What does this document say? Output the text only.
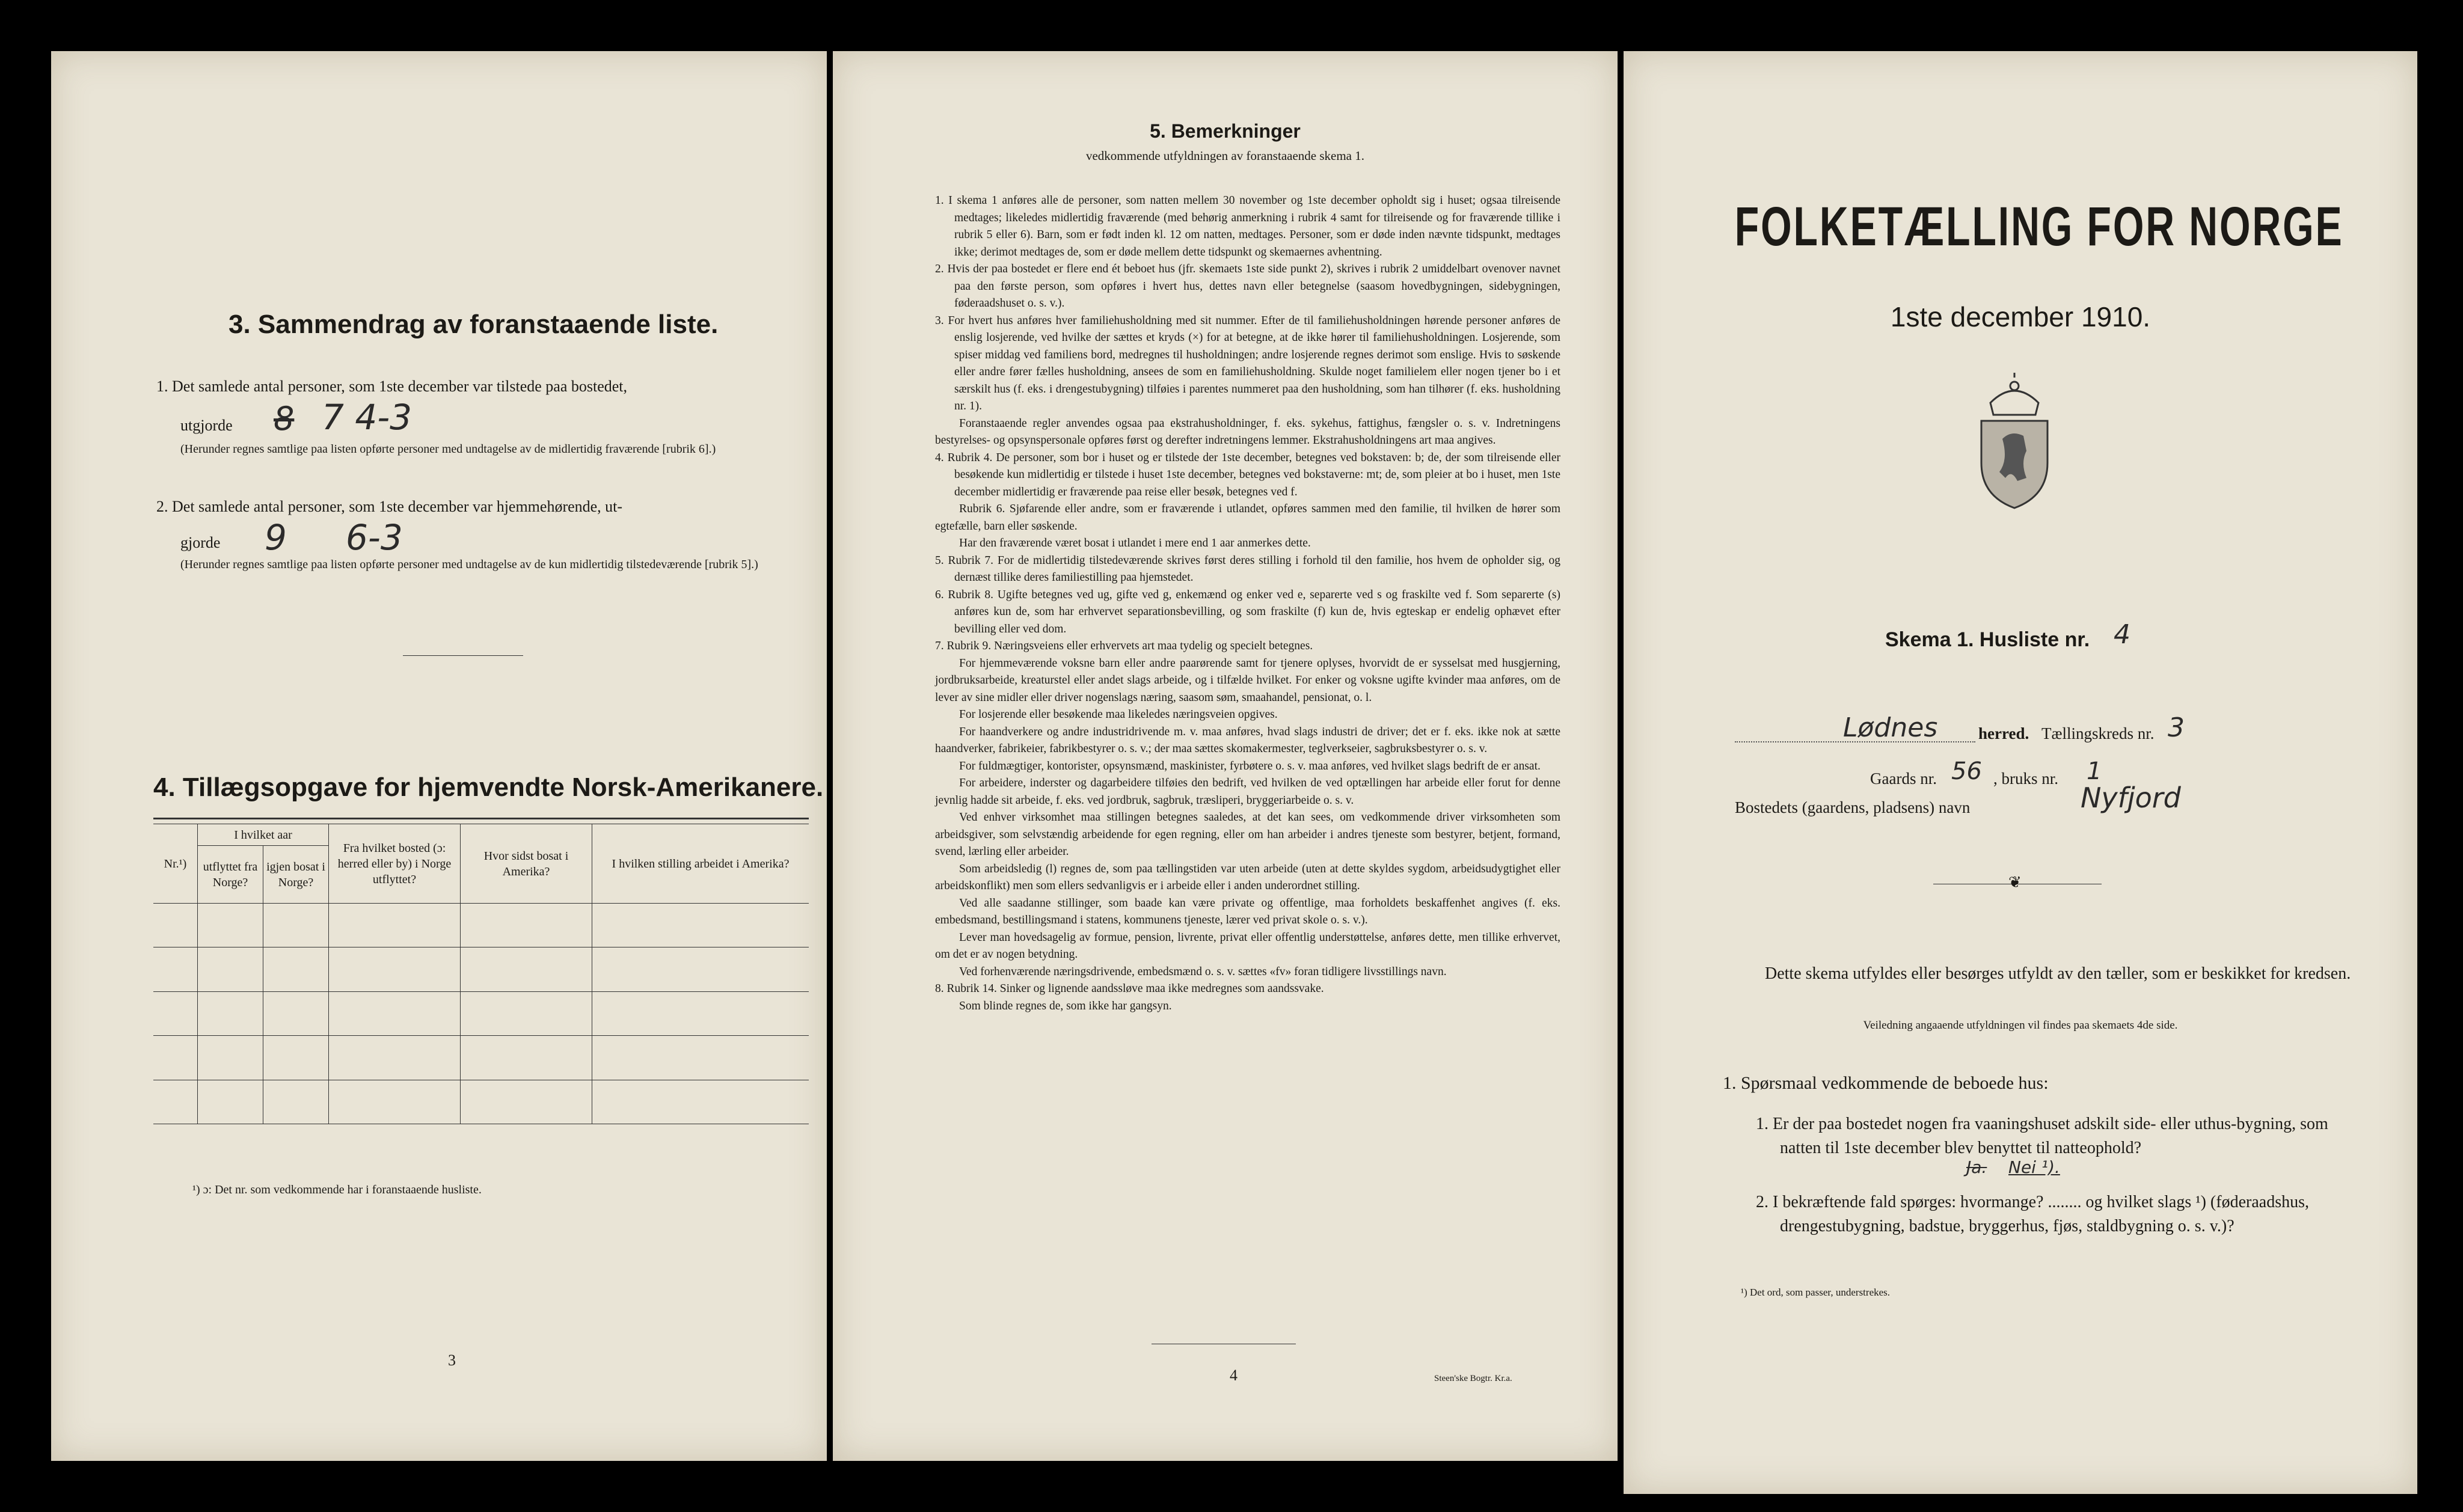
3. Sammendrag av foranstaaende liste.
1. Det samlede antal personer, som 1ste december var tilstede paa bostedet,
utgjorde 8 7 4-3
(Herunder regnes samtlige paa listen opførte personer med undtagelse av de midlertidig fraværende [rubrik 6].)
2. Det samlede antal personer, som 1ste december var hjemmehørende, ut-
gjorde 9 6-3
(Herunder regnes samtlige paa listen opførte personer med undtagelse av de kun midlertidig tilstedeværende [rubrik 5].)
4. Tillægsopgave for hjemvendte Norsk-Amerikanere.
Nr.¹)	I hvilket aar		Fra hvilket bosted (ɔ: herred eller by) i Norge utflyttet?	Hvor sidst bosat i Amerika?	I hvilken stilling arbeidet i Amerika?
	utflyttet fra Norge?	igjen bosat i Norge?			

¹) ɔ: Det nr. som vedkommende har i foranstaaende husliste.
3
5. Bemerkninger
vedkommende utfyldningen av foranstaaende skema 1.

1. I skema 1 anføres alle de personer, som natten mellem 30 november og 1ste december opholdt sig i huset; ogsaa tilreisende medtages; likeledes midlertidig fraværende (med behørig anmerkning i rubrik 4 samt for tilreisende og for fraværende tillike i rubrik 5 eller 6). Barn, som er født inden kl. 12 om natten, medtages. Personer, som er døde inden nævnte tidspunkt, medtages ikke; derimot medtages de, som er døde mellem dette tidspunkt og skemaernes avhentning.

2. Hvis der paa bostedet er flere end ét beboet hus (jfr. skemaets 1ste side punkt 2), skrives i rubrik 2 umiddelbart ovenover navnet paa den første person, som opføres i hvert hus, dettes navn eller betegnelse (saasom hovedbygningen, sidebygningen, føderaadshuset o. s. v.).

3. For hvert hus anføres hver familiehusholdning med sit nummer. Efter de til familiehusholdningen hørende personer anføres de enslig losjerende, ved hvilke der sættes et kryds (×) for at betegne, at de ikke hører til familiehusholdningen. Losjerende, som spiser middag ved familiens bord, medregnes til husholdningen; andre losjerende regnes derimot som enslige. Hvis to søskende eller andre fører fælles husholdning, ansees de som en familiehusholdning. Skulde noget familielem eller nogen tjener bo i et særskilt hus (f. eks. i drengestubygning) tilføies i parentes nummeret paa den husholdning, som han tilhører (f. eks. husholdning nr. 1).

Foranstaaende regler anvendes ogsaa paa ekstrahusholdninger, f. eks. sykehus, fattighus, fængsler o. s. v. Indretningens bestyrelses- og opsynspersonale opføres først og derefter indretningens lemmer. Ekstrahusholdningens art maa angives.

4. Rubrik 4. De personer, som bor i huset og er tilstede der 1ste december, betegnes ved bokstaven: b; de, der som tilreisende eller besøkende kun midlertidig er tilstede i huset 1ste december, betegnes ved bokstaverne: mt; de, som pleier at bo i huset, men 1ste december midlertidig er fraværende paa reise eller besøk, betegnes ved f.

Rubrik 6. Sjøfarende eller andre, som er fraværende i utlandet, opføres sammen med den familie, til hvilken de hører som egtefælle, barn eller søskende.

Har den fraværende været bosat i utlandet i mere end 1 aar anmerkes dette.

5. Rubrik 7. For de midlertidig tilstedeværende skrives først deres stilling i forhold til den familie, hos hvem de opholder sig, og dernæst tillike deres familiestilling paa hjemstedet.

6. Rubrik 8. Ugifte betegnes ved ug, gifte ved g, enkemænd og enker ved e, separerte ved s og fraskilte ved f. Som separerte (s) anføres kun de, som har erhvervet separationsbevilling, og som fraskilte (f) kun de, hvis egteskap er endelig ophævet efter bevilling eller ved dom.

7. Rubrik 9. Næringsveiens eller erhvervets art maa tydelig og specielt betegnes.

For hjemmeværende voksne barn eller andre paarørende samt for tjenere oplyses, hvorvidt de er sysselsat med husgjerning, jordbruksarbeide, kreaturstel eller andet slags arbeide, og i tilfælde hvilket. For enker og voksne ugifte kvinder maa anføres, om de lever av sine midler eller driver nogenslags næring, saasom søm, smaahandel, pensionat, o. l.

For losjerende eller besøkende maa likeledes næringsveien opgives.

For haandverkere og andre industridrivende m. v. maa anføres, hvad slags industri de driver; det er f. eks. ikke nok at sætte haandverker, fabrikeier, fabrikbestyrer o. s. v.; der maa sættes skomakermester, teglverkseier, sagbruksbestyrer o. s. v.

For fuldmægtiger, kontorister, opsynsmænd, maskinister, fyrbøtere o. s. v. maa anføres, ved hvilket slags bedrift de er ansat.

For arbeidere, inderster og dagarbeidere tilføies den bedrift, ved hvilken de ved optællingen har arbeide eller forut for denne jevnlig hadde sit arbeide, f. eks. ved jordbruk, sagbruk, træsliperi, bryggeriarbeide o. s. v.

Ved enhver virksomhet maa stillingen betegnes saaledes, at det kan sees, om vedkommende driver virksomheten som arbeidsgiver, som selvstændig arbeidende for egen regning, eller om han arbeider i andres tjeneste som bestyrer, betjent, formand, svend, lærling eller arbeider.

Som arbeidsledig (l) regnes de, som paa tællingstiden var uten arbeide (uten at dette skyldes sygdom, arbeidsudygtighet eller arbeidskonflikt) men som ellers sedvanligvis er i arbeide eller i anden underordnet stilling.

Ved alle saadanne stillinger, som baade kan være private og offentlige, maa forholdets beskaffenhet angives (f. eks. embedsmand, bestillingsmand i statens, kommunens tjeneste, lærer ved privat skole o. s. v.).

Lever man hovedsagelig av formue, pension, livrente, privat eller offentlig understøttelse, anføres dette, men tillike erhvervet, om det er av nogen betydning.

Ved forhenværende næringsdrivende, embedsmænd o. s. v. sættes «fv» foran tidligere livsstillings navn.

8. Rubrik 14. Sinker og lignende aandssløve maa ikke medregnes som aandssvake.

Som blinde regnes de, som ikke har gangsyn.

4	Steen'ske Bogtr. Kr.a.
FOLKETÆLLING FOR NORGE
1ste december 1910.
Skema 1. Husliste nr. 4
Lødnes	herred. Tællingskreds nr. 3
Gaards nr. 56 , bruks nr. 1
Bostedets (gaardens, pladsens) navn	Nyfjord
❦
Dette skema utfyldes eller besørges utfyldt av den tæller, som er beskikket for kredsen.
Veiledning angaaende utfyldningen vil findes paa skemaets 4de side.
1. Spørsmaal vedkommende de beboede hus:
1. Er der paa bostedet nogen fra vaaningshuset adskilt side- eller uthus-bygning, som natten til 1ste december blev benyttet til natteophold?
Ja. Nei ¹).
2. I bekræftende fald spørges: hvormange? ........ og hvilket slags ¹) (føderaadshus, drengestubygning, badstue, bryggerhus, fjøs, staldbygning o. s. v.)?
¹) Det ord, som passer, understrekes.
